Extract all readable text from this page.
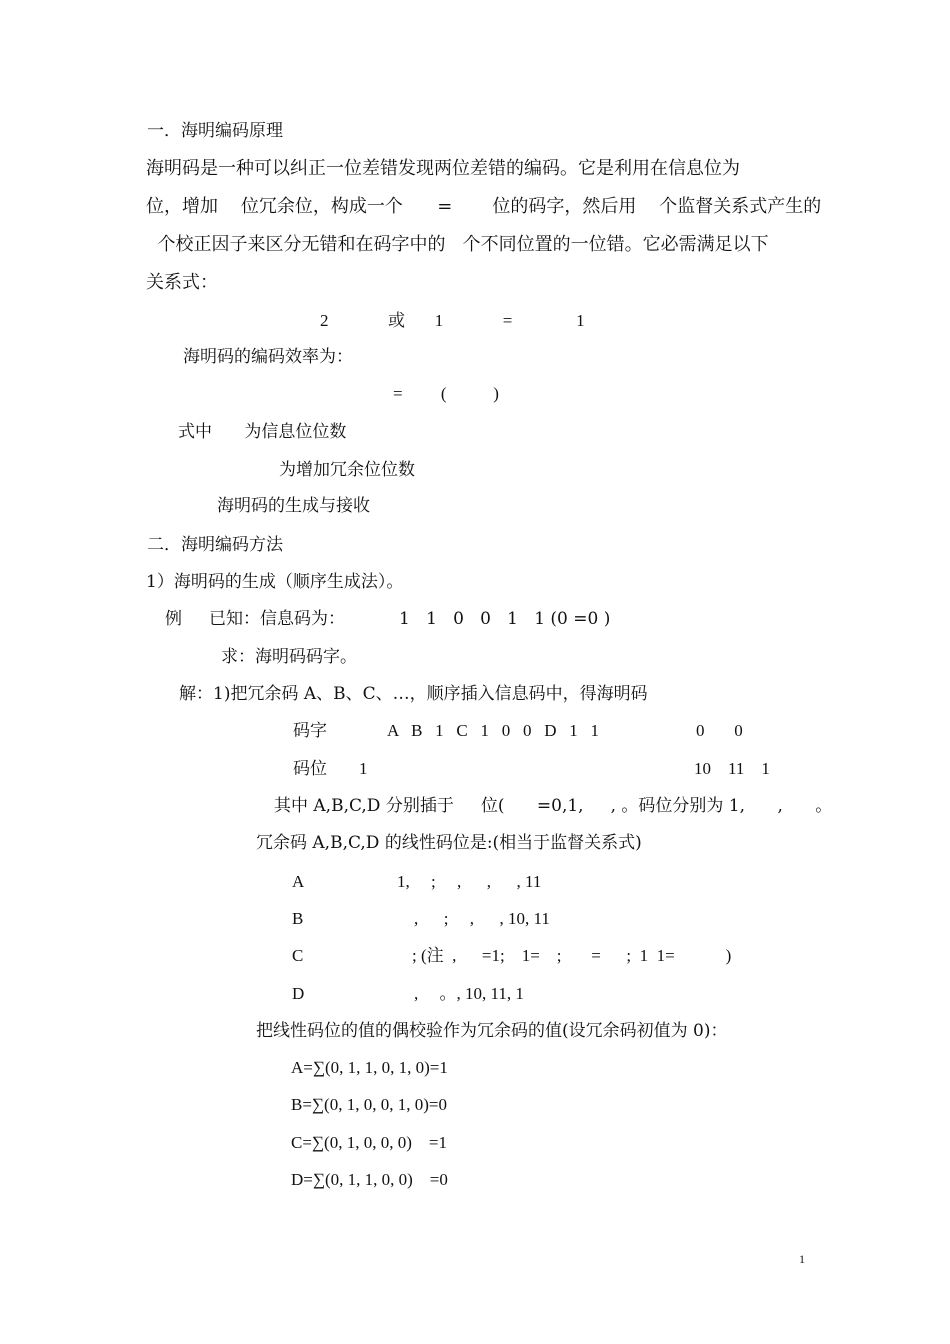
一．海明编码原理
海明码是一种可以纠正一位差错发现两位差错的编码。它是利用在信息位为
位，增加    位冗余位，构成一个      =       位的码字，然后用    个监督关系式产生的
个校正因子来区分无错和在码字中的   个不同位置的一位错。它必需满足以下
关系式：
2              或       1              =               1
海明码的编码效率为：
=         (           )
式中      为信息位位数
为增加冗余位位数
海明码的生成与接收
二．海明编码方法
1）海明码的生成（顺序生成法）。
例     已知：信息码为：          1   1   0   0   1   1 (0 =0 )
求：海明码码字。
解：1)把冗余码 A、B、C、…，顺序插入信息码中，得海明码
码字	A   B   1   C   1   0   0   D   1   1	0       0
码位 1	10    11    1
其中 A,B,C,D 分别插于     位(      =0,1,     , 。码位分别为 1,      ,      。
冗余码 A,B,C,D 的线性码位是:(相当于监督关系式)
A	1,     ;     ,      ,      , 11
B	,      ;     ,      , 10, 11
C	; (注  ,      =1;    1=    ;       =      ;  1  1=            )
D	,     。, 10, 11, 1
把线性码位的值的偶校验作为冗余码的值(设冗余码初值为 0)：
A=∑(0, 1, 1, 0, 1, 0)=1
B=∑(0, 1, 0, 0, 1, 0)=0
C=∑(0, 1, 0, 0, 0)    =1
D=∑(0, 1, 1, 0, 0)    =0
1
